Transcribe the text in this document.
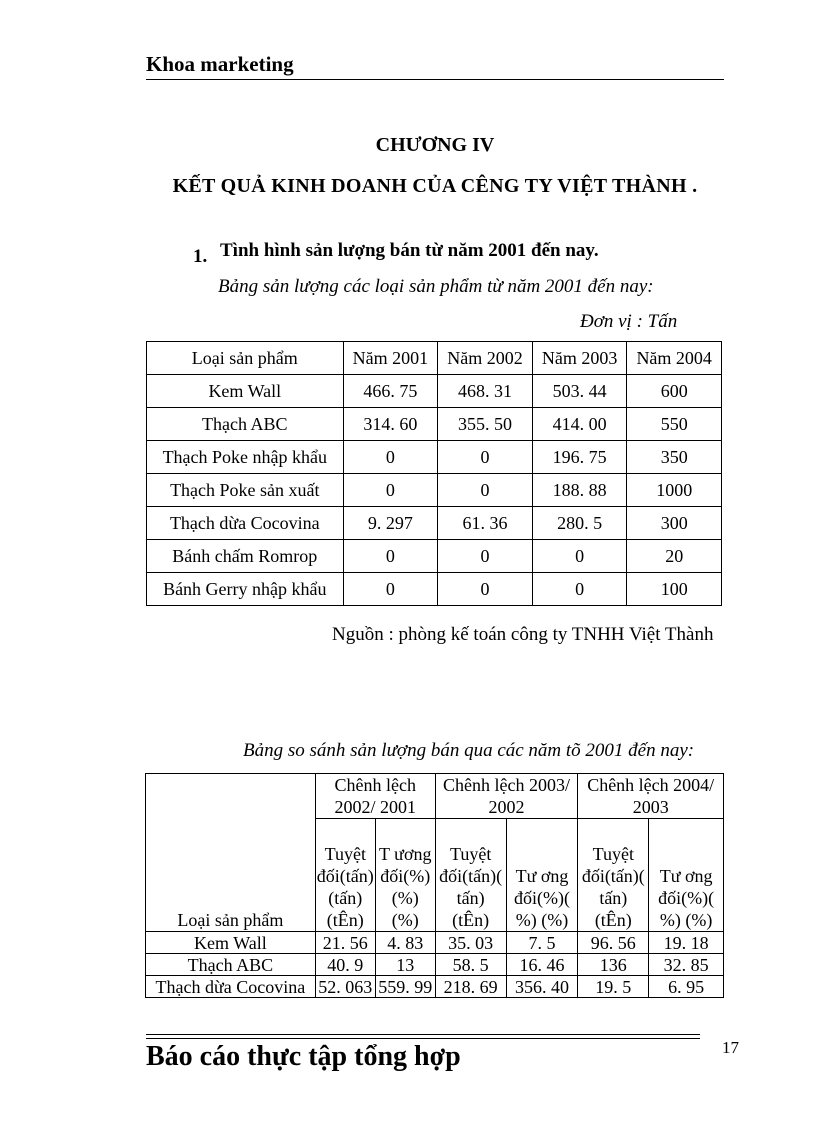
Khoa marketing
CHƯƠNG IV
KẾT QUẢ KINH DOANH CỦA CÊNG TY VIỆT THÀNH .
1. Tình hình sản lượng bán từ năm 2001 đến nay.
Bảng sản lượng các loại sản phẩm từ năm 2001 đến nay:
Đơn vị : Tấn
Loại sản phẩm	Năm 2001	Năm 2002	Năm 2003	Năm 2004
Kem Wall	466. 75	468. 31	503. 44	600
Thạch ABC	314. 60	355. 50	414. 00	550
Thạch Poke nhập khẩu	0	0	196. 75	350
Thạch Poke sản xuất	0	0	188. 88	1000
Thạch dừa Cocovina	9. 297	61. 36	280. 5	300
Bánh chấm Romrop	0	0	0	20
Bánh Gerry nhập khẩu	0	0	0	100
Nguồn : phòng kế toán công ty TNHH Việt Thành
Bảng so sánh sản lượng bán qua các năm tõ 2001 đến nay:
Loại sản phẩm	Chênh lệch 2002/ 2001		Chênh lệch 2003/ 2002		Chênh lệch 2004/ 2003	
	Tuyệt đối(tấn) (tấn) (tÊn)	T ương đối(%) (%) (%)	Tuyệt đối(tấn)( tấn) (tÊn)	Tư ơng đối(%)( %) (%)	Tuyệt đối(tấn)( tấn) (tÊn)	Tư ơng đối(%)( %) (%)
Kem Wall	21. 56	4. 83	35. 03	7. 5	96. 56	19. 18
Thạch ABC	40. 9	13	58. 5	16. 46	136	32. 85
Thạch dừa Cocovina	52. 063	559. 99	218. 69	356. 40	19. 5	6. 95
17
Báo cáo thực tập tổng hợp
